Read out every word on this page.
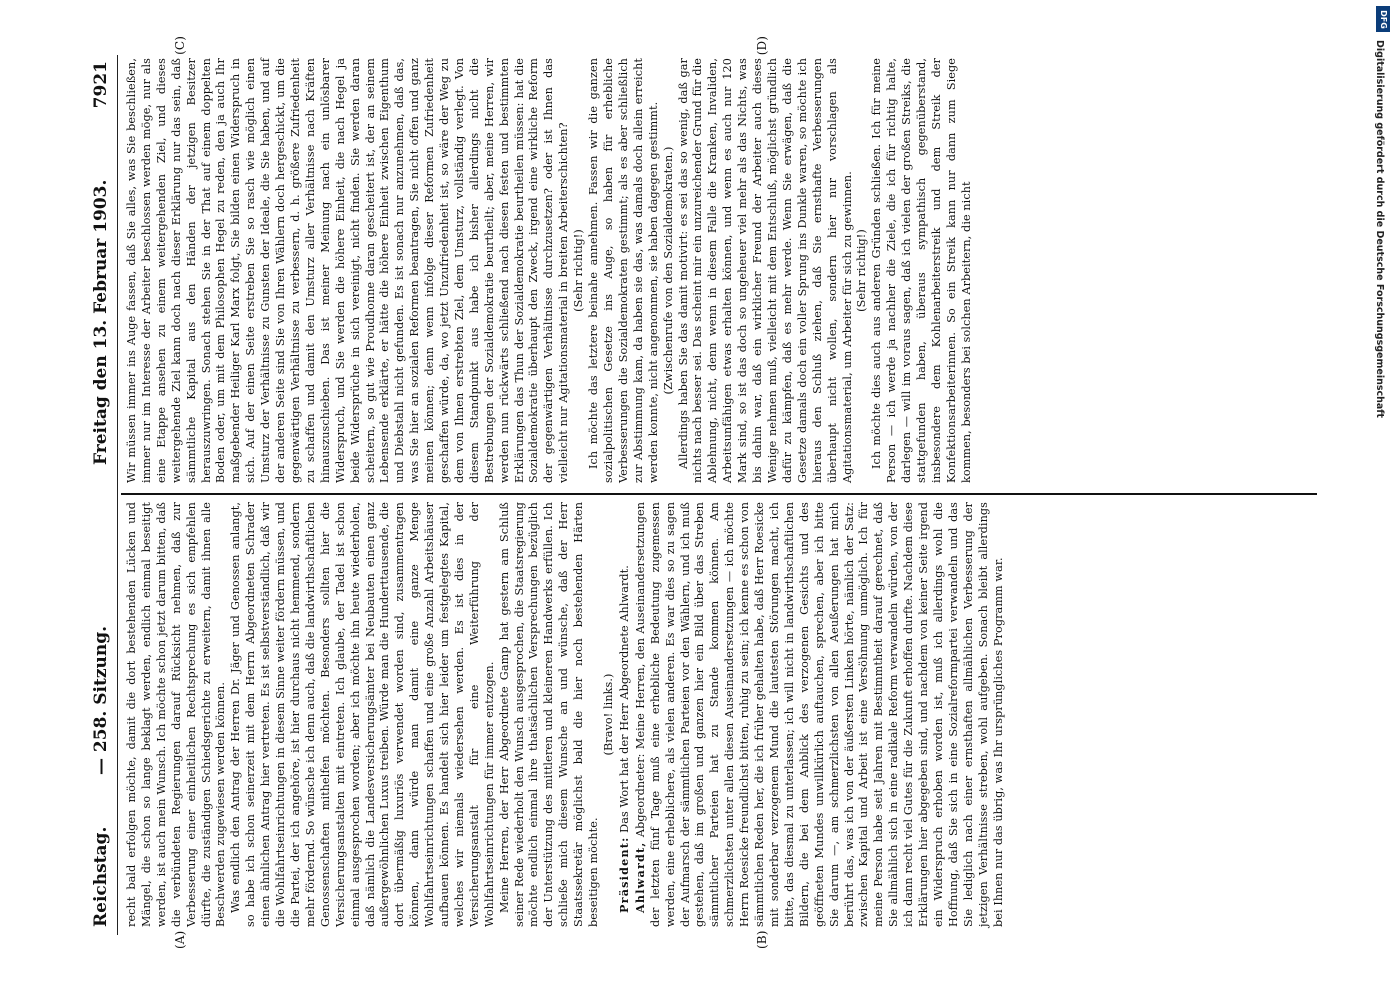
Reichstag.
— 258. Sitzung.
Freitag den 13. Februar 1903.
7921
(A)	(B)

recht bald erfolgen möchte, damit die dort bestehenden Lücken und Mängel, die schon so lange beklagt werden, endlich einmal beseitigt werden, ist auch mein Wunsch. Ich möchte schon jetzt darum bitten, daß die verbündeten Regierungen darauf Rücksicht nehmen, daß zur Verbesserung einer einheitlichen Rechtsprechung es sich empfehlen dürfte, die zuständigen Schiedsgerichte zu erweitern, damit ihnen alle Beschwerden zugewiesen werden können. Was endlich den Antrag der Herren Dr. Jäger und Genossen anlangt, so habe ich schon seinerzeit mit dem Herrn Abgeordneten Schrader einen ähnlichen Antrag hier vertreten. Es ist selbstverständlich, daß wir die Wohlfahrtseinrichtungen in diesem Sinne weiter fördern müssen, und die Partei, der ich angehöre, ist hier durchaus nicht hemmend, sondern mehr fördernd. So wünsche ich denn auch, daß die landwirthschaftlichen Genossenschaften mithelfen möchten. Besonders sollten hier die Versicherungsanstalten mit eintreten. Ich glaube, der Tadel ist schon einmal ausgesprochen worden; aber ich möchte ihn heute wiederholen, daß nämlich die Landesversicherungsämter bei Neubauten einen ganz außergewöhnlichen Luxus treiben. Würde man die Hunderttausende, die dort übermäßig luxuriös verwendet worden sind, zusammentragen können, dann würde man damit eine ganze Menge Wohlfahrtseinrichtungen schaffen und eine große Anzahl Arbeitshäuser aufbauen können. Es handelt sich hier leider um festgelegtes Kapital, welches wir niemals wiedersehen werden. Es ist dies in der Versicherungsanstalt für eine Weiterführung der Wohlfahrtseinrichtungen für immer entzogen. Meine Herren, der Herr Abgeordnete Gamp hat gestern am Schluß seiner Rede wiederholt den Wunsch ausgesprochen, die Staatsregierung möchte endlich einmal ihre thatsächlichen Versprechungen bezüglich der Unterstützung des mittleren und kleineren Handwerks erfüllen. Ich schließe mich diesem Wunsche an und wünsche, daß der Herr Staatssekretär möglichst bald die hier noch bestehenden Härten beseitigen möchte.

(Bravo! links.)

Präsident: Das Wort hat der Herr Abgeordnete Ahlwardt.

Ahlwardt, Abgeordneter: Meine Herren, den Auseinandersetzungen der letzten fünf Tage muß eine erhebliche Bedeutung zugemessen werden, eine erheblichere, als vielen anderen. Es war dies so zu sagen der Aufmarsch der sämmtlichen Parteien vor den Wählern, und ich muß gestehen, daß im großen und ganzen hier ein Bild über das Streben sämmtlicher Parteien hat zu Stande kommen können. Am schmerzlichsten unter allen diesen Auseinandersetzungen — ich möchte Herrn Roesicke freundlichst bitten, ruhig zu sein; ich kenne es schon von sämmtlichen Reden her, die ich früher gehalten habe, daß Herr Roesicke mit sonderbar verzogenem Mund die lautesten Störungen macht, ich bitte, das diesmal zu unterlassen; ich will nicht in landwirthschaftlichen Bildern, die bei dem Anblick des verzogenen Gesichts und des geöffneten Mundes unwillkürlich auftauchen, sprechen, aber ich bitte Sie darum —, am schmerzlichsten von allen Aeußerungen hat mich berührt das, was ich von der äußersten Linken hörte, nämlich der Satz: zwischen Kapital und Arbeit ist eine Versöhnung unmöglich. Ich für meine Person habe seit Jahren mit Bestimmtheit darauf gerechnet, daß Sie allmählich sich in eine radikale Reform verwandeln würden, von der ich dann recht viel Gutes für die Zukunft erhoffen durfte. Nachdem diese Erklärungen hier abgegeben sind, und nachdem von keiner Seite irgend ein Widerspruch erhoben worden ist, muß ich allerdings wohl die Hoffnung, daß Sie sich in eine Sozialreformpartei verwandeln und das Sie lediglich nach einer ernsthaften allmählichen Verbesserung der jetzigen Verhältnisse streben, wohl aufgeben. Sonach bleibt allerdings bei Ihnen nur das übrig, was Ihr ursprüngliches Programm war.

(C)	(D)

Wir müssen immer ins Auge fassen, daß Sie alles, was Sie beschließen, immer nur im Interesse der Arbeiter beschlossen werden möge, nur als eine Etappe ansehen zu einem weitergehenden Ziel, und dieses weitergehende Ziel kann doch nach dieser Erklärung nur das sein, daß sämmtliche Kapital aus den Händen der jetzigen Besitzer herauszuwringen. Sonach stehen Sie in der That auf einem doppelten Boden oder, um mit dem Philosophen Hegel zu reden, den ja auch Ihr maßgebender Heiliger Karl Marx folgt, Sie bilden einen Widerspruch in sich. Auf der einen Seite erstreben Sie so rasch wie möglich einen Umsturz der Verhältnisse zu Gunsten der Ideale, die Sie haben, und auf der anderen Seite sind Sie von Ihren Wählern doch hergeschickt, um die gegenwärtigen Verhältnisse zu verbessern, d. h. größere Zufriedenheit zu schaffen und damit den Umsturz aller Verhältnisse nach Kräften hinauszuschieben. Das ist meiner Meinung nach ein unlösbarer Widerspruch, und Sie werden die höhere Einheit, die nach Hegel ja beide Widersprüche in sich vereinigt, nicht finden. Sie werden daran scheitern, so gut wie Proudhonne daran gescheitert ist, der an seinem Lebensende erklärte, er hätte die höhere Einheit zwischen Eigenthum und Diebstahl nicht gefunden. Es ist sonach nur anzunehmen, daß das, was Sie hier an sozialen Reformen beantragen, Sie nicht offen und ganz meinen können; denn wenn infolge dieser Reformen Zufriedenheit geschaffen würde, da, wo jetzt Unzufriedenheit ist, so wäre der Weg zu dem von Ihnen erstrebten Ziel, dem Umsturz, vollständig verlegt. Von diesem Standpunkt aus habe ich bisher allerdings nicht die Bestrebungen der Sozialdemokratie beurtheilt; aber, meine Herren, wir werden nun rückwärts schließend nach diesen festen und bestimmten Erklärungen das Thun der Sozialdemokratie beurtheilen müssen: hat die Sozialdemokratie überhaupt den Zweck, irgend eine wirkliche Reform der gegenwärtigen Verhältnisse durchzusetzen? oder ist Ihnen das vielleicht nur Agitationsmaterial in breiten Arbeiterschichten? (Sehr richtig!) Ich möchte das letztere beinahe annehmen. Fassen wir die ganzen sozialpolitischen Gesetze ins Auge, so haben für erhebliche Verbesserungen die Sozialdemokraten gestimmt; als es aber schließlich zur Abstimmung kam, da haben sie das, was damals doch allein erreicht werden konnte, nicht angenommen, sie haben dagegen gestimmt. (Zwischenrufe von den Sozialdemokraten.) Allerdings haben Sie das damit motivirt: es sei das so wenig, daß gar nichts nach besser sei. Das scheint mir ein unzureichender Grund für die Ablehnung, nicht, denn wenn in diesem Falle die Kranken, Invaliden, Arbeitsunfähigen etwas erhalten können, und wenn es auch nur 120 Mark sind, so ist das doch so ungeheuer viel mehr als das Nichts, was bis dahin war, daß ein wirklicher Freund der Arbeiter auch dieses Wenige nehmen muß, vielleicht mit dem Entschluß, möglichst gründlich dafür zu kämpfen, daß es mehr werde. Wenn Sie erwägen, daß die Gesetze damals doch ein voller Sprung ins Dunkle waren, so möchte ich hieraus den Schluß ziehen, daß Sie ernsthafte Verbesserungen überhaupt nicht wollen, sondern hier nur vorschlagen als Agitationsmaterial, um Arbeiter für sich zu gewinnen. (Sehr richtig!) Ich möchte dies auch aus anderen Gründen schließen. Ich für meine Person — ich werde ja nachher die Ziele, die ich für richtig halte, darlegen — will im voraus sagen, daß ich vielen der großen Streiks, die stattgefunden haben, überaus sympathisch gegenüberstand, insbesondere dem Kohlenarbeiterstreik und dem Streik der Konfektionsarbeiterinnen. So ein Streik kann nur dann zum Siege kommen, besonders bei solchen Arbeitern, die nicht

DFG
Digitalisierung gefördert durch die Deutsche Forschungsgemeinschaft
